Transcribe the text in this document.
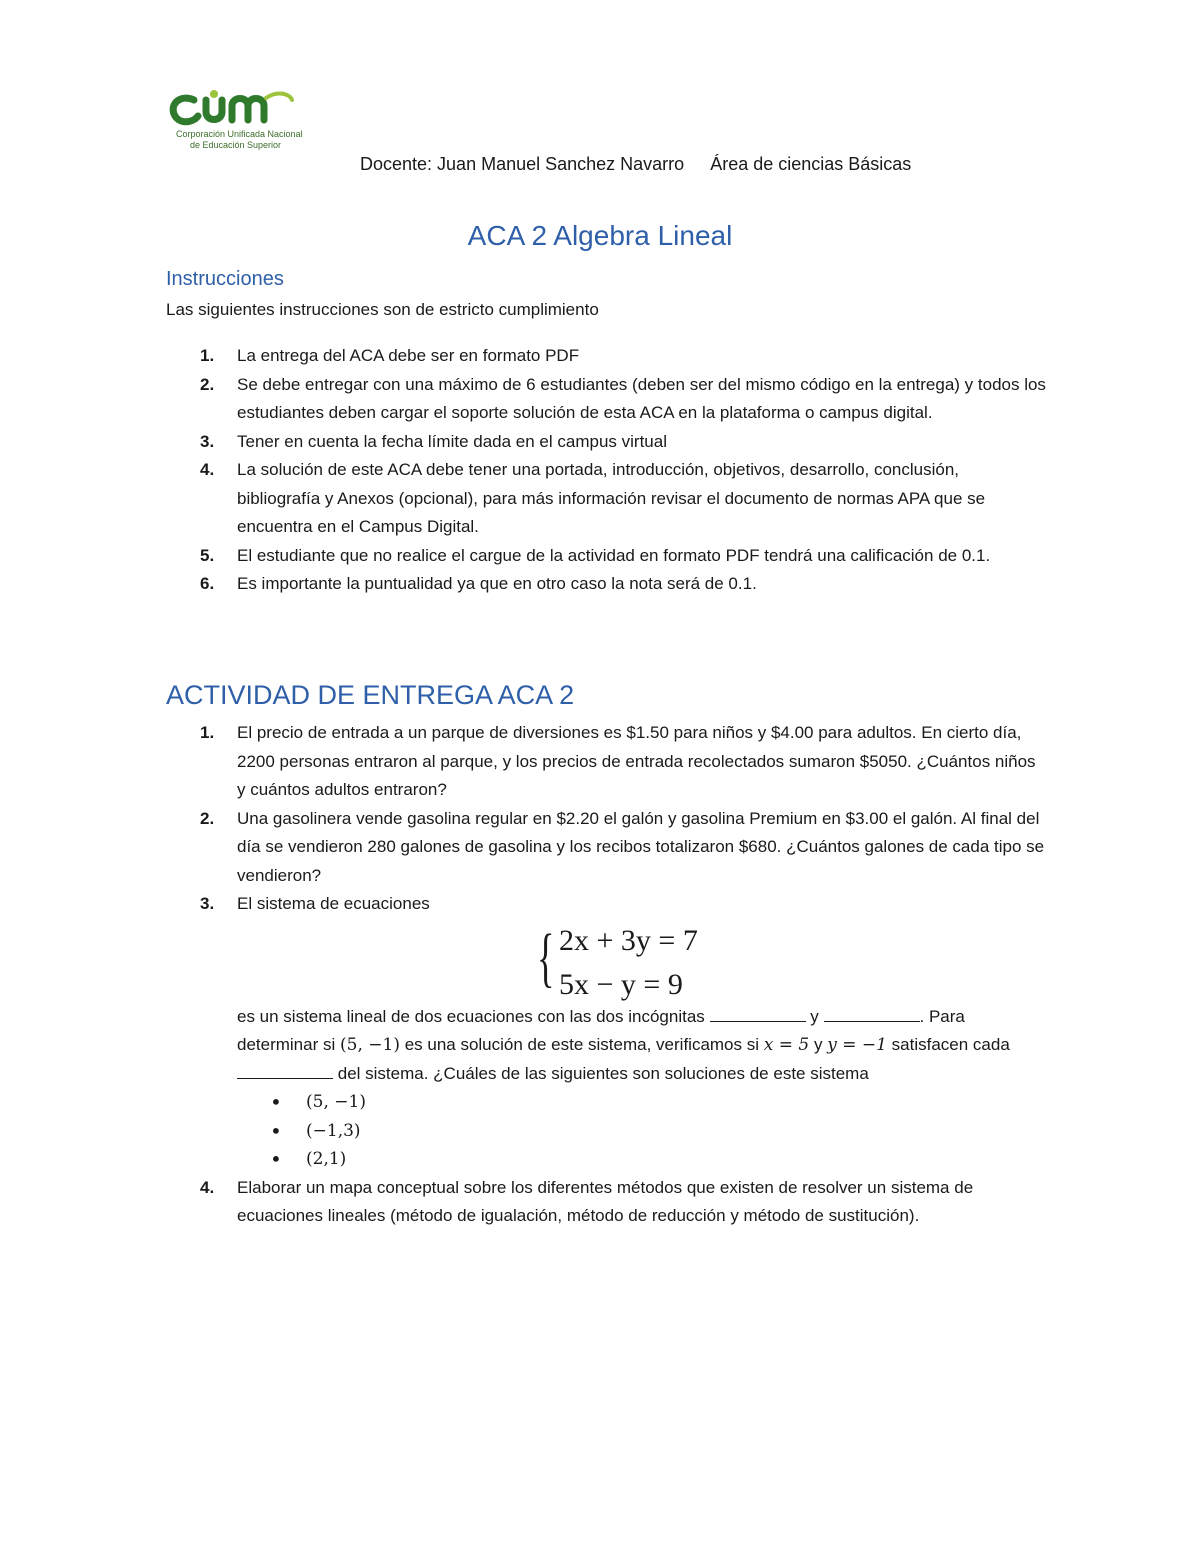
Corporación Unificada Nacional
de Educación Superior
Docente: Juan Manuel Sanchez Navarro Área de ciencias Básicas
ACA 2 Algebra Lineal
Instrucciones
Las siguientes instrucciones son de estricto cumplimiento
1. La entrega del ACA debe ser en formato PDF
2. Se debe entregar con una máximo de 6 estudiantes (deben ser del mismo código en la entrega) y todos los estudiantes deben cargar el soporte solución de esta ACA en la plataforma o campus digital.
3. Tener en cuenta la fecha límite dada en el campus virtual
4. La solución de este ACA debe tener una portada, introducción, objetivos, desarrollo, conclusión, bibliografía y Anexos (opcional), para más información revisar el documento de normas APA que se encuentra en el Campus Digital.
5. El estudiante que no realice el cargue de la actividad en formato PDF tendrá una calificación de 0.1.
6. Es importante la puntualidad ya que en otro caso la nota será de 0.1.
ACTIVIDAD DE ENTREGA ACA 2
1. El precio de entrada a un parque de diversiones es $1.50 para niños y $4.00 para adultos. En cierto día, 2200 personas entraron al parque, y los precios de entrada recolectados sumaron $5050. ¿Cuántos niños y cuántos adultos entraron?
2. Una gasolinera vende gasolina regular en $2.20 el galón y gasolina Premium en $3.00 el galón. Al final del día se vendieron 280 galones de gasolina y los recibos totalizaron $680. ¿Cuántos galones de cada tipo se vendieron?
3. El sistema de ecuaciones
{ 2x + 3y = 7
5x − y = 9
es un sistema lineal de dos ecuaciones con las dos incógnitas	y	. Para determinar si (5, −1) es una solución de este sistema, verificamos si x = 5 y y = −1 satisfacen cada  del sistema. ¿Cuáles de las siguientes son soluciones de este sistema
• (5, −1)
• (−1,3)
• (2,1)
4. Elaborar un mapa conceptual sobre los diferentes métodos que existen de resolver un sistema de ecuaciones lineales (método de igualación, método de reducción y método de sustitución).
